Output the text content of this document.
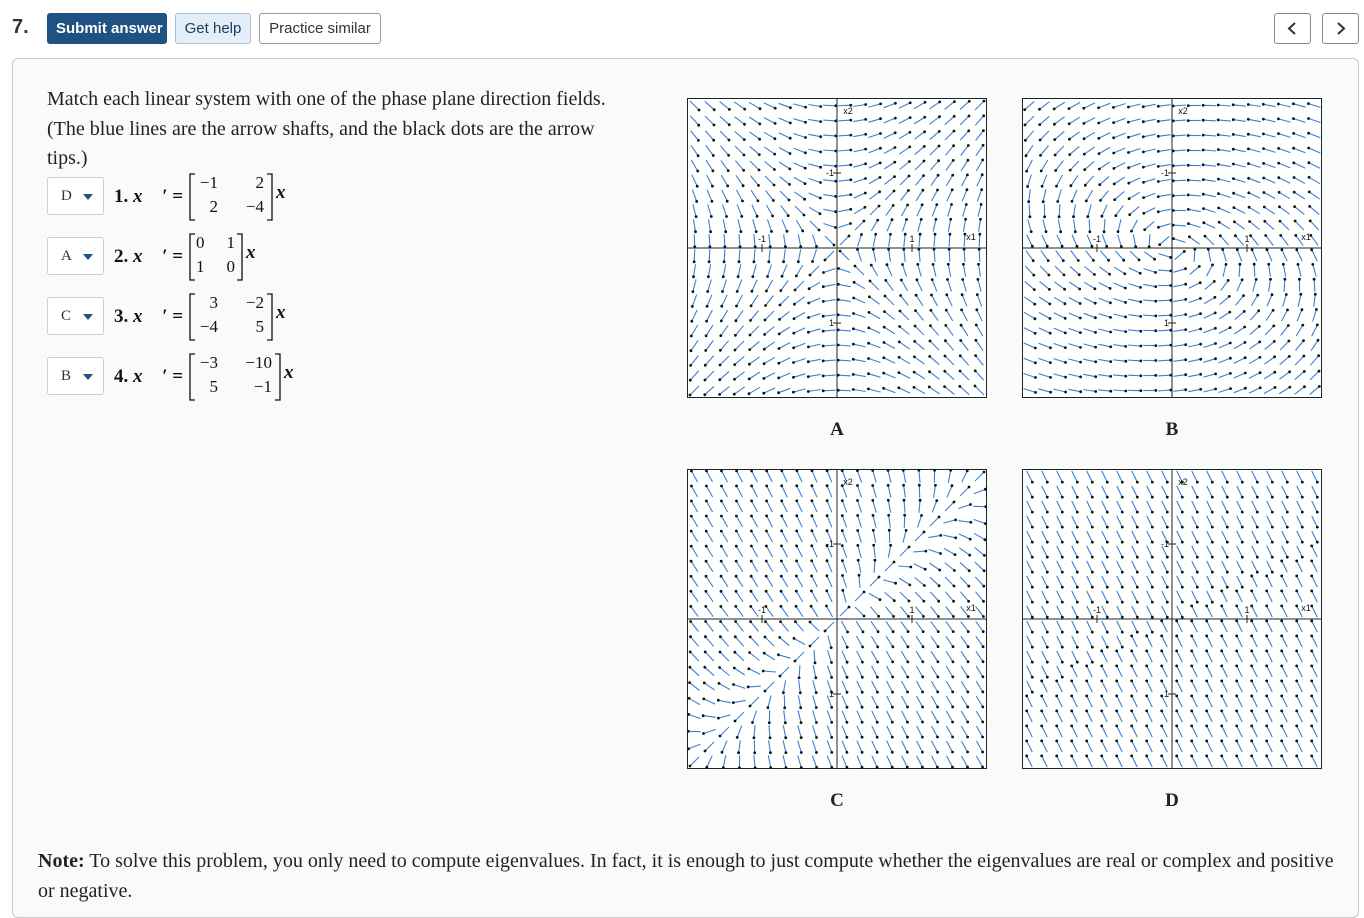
7.	Submit answer	Get help	Practice similar
Match each linear system with one of the phase plane direction fields. (The blue lines are the arrow shafts, and the black dots are the arrow tips.)
D 1. x⃗ ′ =
−1 2
2 −4
x⃗
A 2. x⃗ ′ =
0 1
1 0
x⃗
C 3. x⃗ ′ =
3 −2
−4 5
x⃗
B 4. x⃗ ′ =
−3 −10
5 −1
x⃗
1
-1
1
-1
x1
x2
1
-1
1
-1
x1
x2
1
-1
1
-1
x1
x2
1
-1
1
-1
x1
x2
A	B
C	D
Note: To solve this problem, you only need to compute eigenvalues. In fact, it is enough to just compute whether the eigenvalues are real or complex and positive or negative.
